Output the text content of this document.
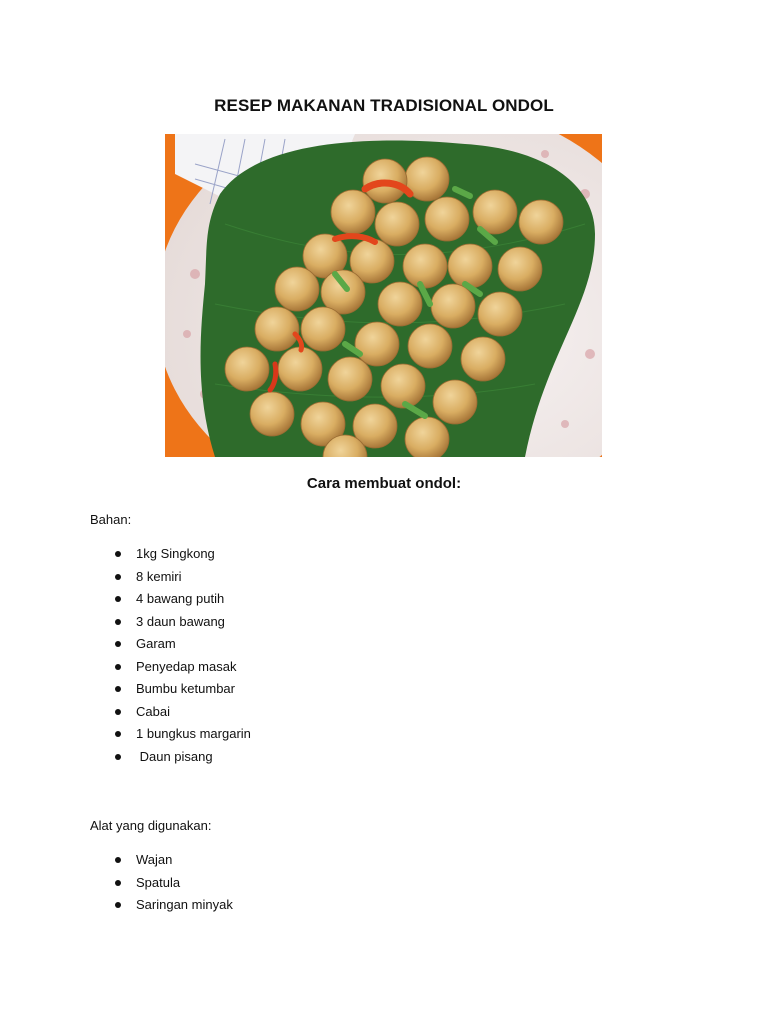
RESEP MAKANAN TRADISIONAL ONDOL
Cara membuat ondol:
Bahan:
1kg Singkong
8 kemiri
4 bawang putih
3 daun bawang
Garam
Penyedap masak
Bumbu ketumbar
Cabai
1 bungkus margarin
Daun pisang
Alat yang digunakan:
Wajan
Spatula
Saringan minyak
